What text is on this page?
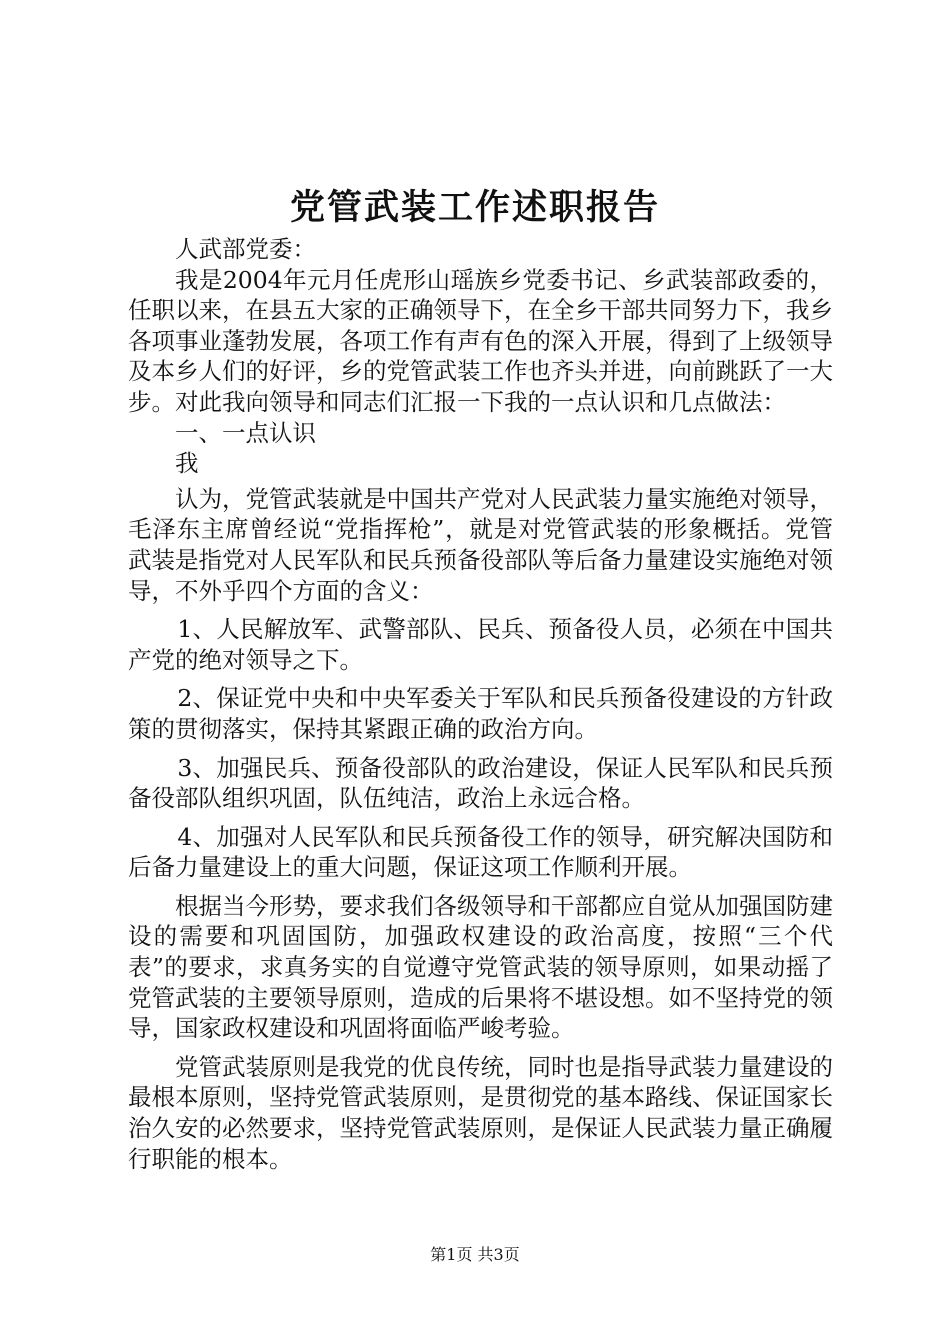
党管武装工作述职报告

人武部党委：

我是2004年元月任虎形山瑶族乡党委书记、乡武装部政委的，任职以来，在县五大家的正确领导下，在全乡干部共同努力下，我乡各项事业蓬勃发展，各项工作有声有色的深入开展，得到了上级领导及本乡人们的好评，乡的党管武装工作也齐头并进，向前跳跃了一大步。对此我向领导和同志们汇报一下我的一点认识和几点做法：

一、一点认识

我

认为，党管武装就是中国共产党对人民武装力量实施绝对领导，毛泽东主席曾经说“党指挥枪”，就是对党管武装的形象概括。党管武装是指党对人民军队和民兵预备役部队等后备力量建设实施绝对领导，不外乎四个方面的含义：

1、人民解放军、武警部队、民兵、预备役人员，必须在中国共产党的绝对领导之下。

2、保证党中央和中央军委关于军队和民兵预备役建设的方针政策的贯彻落实，保持其紧跟正确的政治方向。

3、加强民兵、预备役部队的政治建设，保证人民军队和民兵预备役部队组织巩固，队伍纯洁，政治上永远合格。

4、加强对人民军队和民兵预备役工作的领导，研究解决国防和后备力量建设上的重大问题，保证这项工作顺利开展。

根据当今形势，要求我们各级领导和干部都应自觉从加强国防建设的需要和巩固国防，加强政权建设的政治高度，按照“三个代表”的要求，求真务实的自觉遵守党管武装的领导原则，如果动摇了党管武装的主要领导原则，造成的后果将不堪设想。如不坚持党的领导，国家政权建设和巩固将面临严峻考验。

党管武装原则是我党的优良传统，同时也是指导武装力量建设的最根本原则，坚持党管武装原则，是贯彻党的基本路线、保证国家长治久安的必然要求，坚持党管武装原则，是保证人民武装力量正确履行职能的根本。

第1页 共3页
